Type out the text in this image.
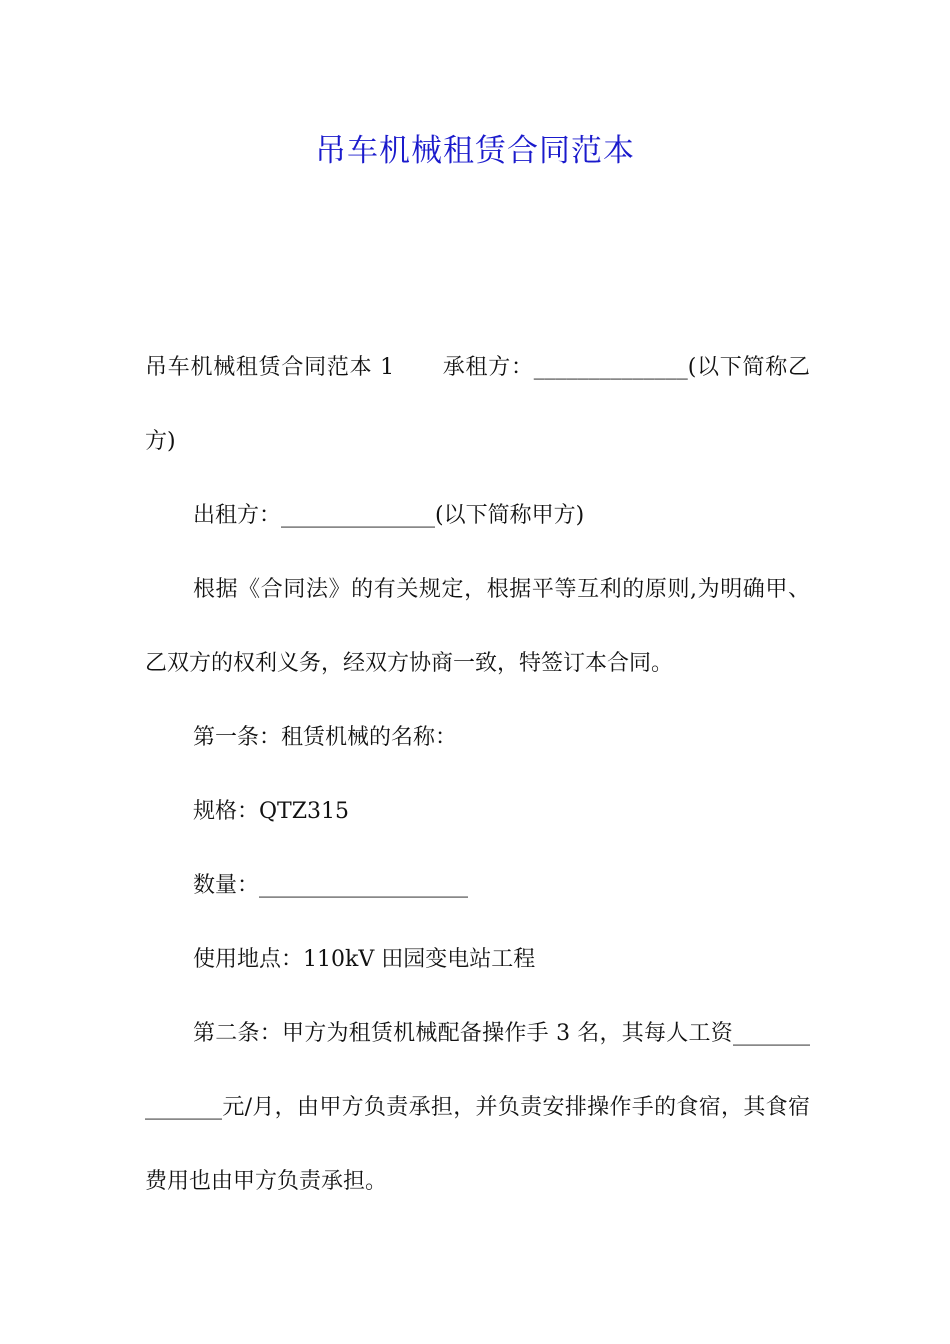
吊车机械租赁合同范本

吊车机械租赁合同范本 1 承租方：______________(以下简称乙方)

出租方：______________(以下简称甲方)

根据《合同法》的有关规定，根据平等互利的原则,为明确甲、乙双方的权利义务，经双方协商一致，特签订本合同。

第一条：租赁机械的名称：

规格：QTZ315

数量：___________________

使用地点：110kV 田园变电站工程

第二条：甲方为租赁机械配备操作手 3 名，其每人工资______________元/月，由甲方负责承担，并负责安排操作手的食宿，其食宿费用也由甲方负责承担。
